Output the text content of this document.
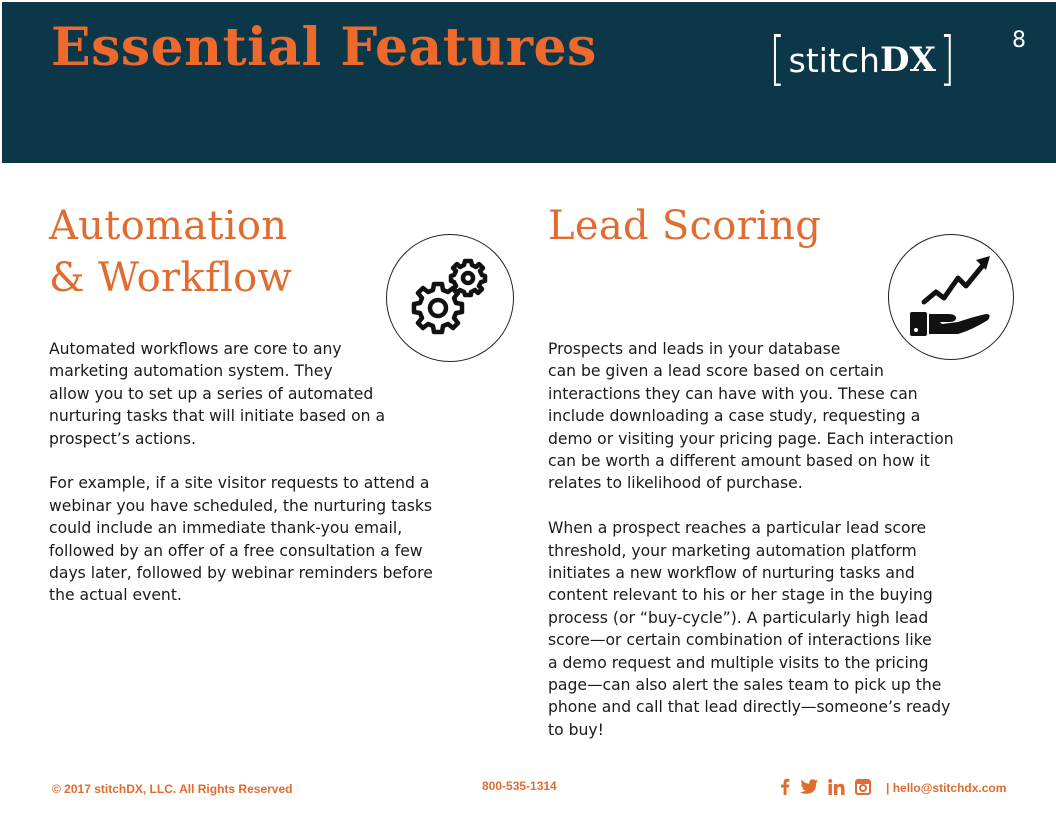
Essential Features	[ stitch DX ]	8
Automation
& Workflow

Automated workflows are core to any
marketing automation system. They
allow you to set up a series of automated
nurturing tasks that will initiate based on a
prospect’s actions.

For example, if a site visitor requests to attend a
webinar you have scheduled, the nurturing tasks
could include an immediate thank-you email,
followed by an offer of a free consultation a few
days later, followed by webinar reminders before
the actual event.

Lead Scoring

Prospects and leads in your database
can be given a lead score based on certain
interactions they can have with you. These can
include downloading a case study, requesting a
demo or visiting your pricing page. Each interaction
can be worth a different amount based on how it
relates to likelihood of purchase.

When a prospect reaches a particular lead score
threshold, your marketing automation platform
initiates a new workflow of nurturing tasks and
content relevant to his or her stage in the buying
process (or “buy-cycle”). A particularly high lead
score—or certain combination of interactions like
a demo request and multiple visits to the pricing
page—can also alert the sales team to pick up the
phone and call that lead directly—someone’s ready
to buy!

© 2017 stitchDX, LLC. All Rights Reserved	800-535-1314	| hello@stitchdx.com
